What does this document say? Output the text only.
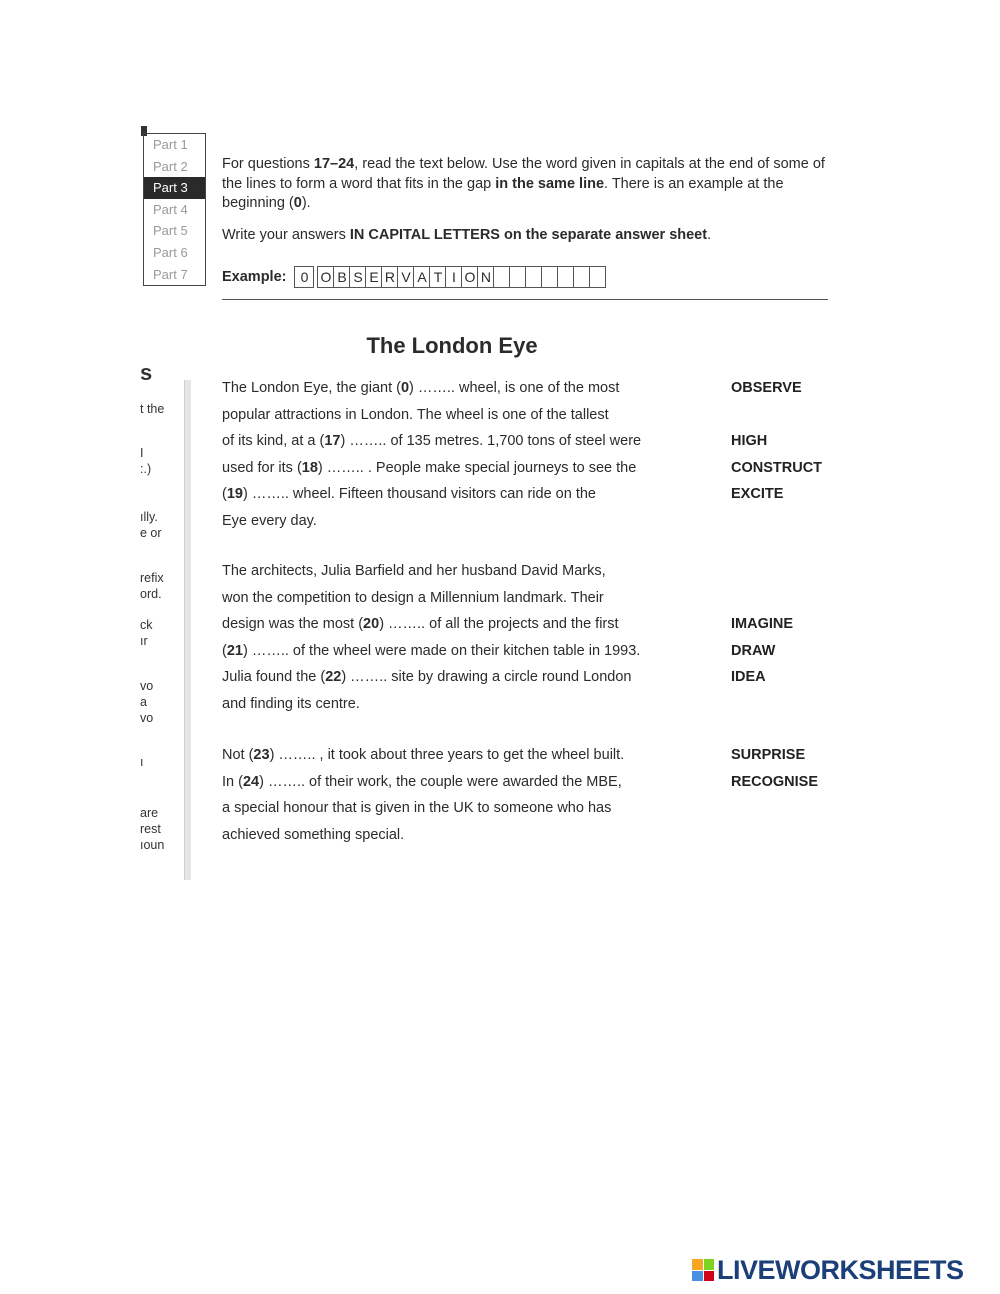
Part 1
Part 2
Part 3
Part 4
Part 5
Part 6
Part 7

For questions 17–24, read the text below. Use the word given in capitals at the end of some of the lines to form a word that fits in the gap in the same line. There is an example at the beginning (0).

Write your answers IN CAPITAL LETTERS on the separate answer sheet.

Example:	0 O B S E R V A T I O N
The London Eye
s
t the
I
:.)
ılly.
e or
refix
ord.
ck
ır
vo
a
vo
ı
are
rest
ıoun
The London Eye, the giant (0) …….. wheel, is one of the most	OBSERVE
popular attractions in London. The wheel is one of the tallest
of its kind, at a (17) …….. of 135 metres. 1,700 tons of steel were	HIGH
used for its (18) …….. . People make special journeys to see the	CONSTRUCT
(19) …….. wheel. Fifteen thousand visitors can ride on the	EXCITE
Eye every day.
The architects, Julia Barfield and her husband David Marks,
won the competition to design a Millennium landmark. Their
design was the most (20) …….. of all the projects and the first	IMAGINE
(21) …….. of the wheel were made on their kitchen table in 1993.	DRAW
Julia found the (22) …….. site by drawing a circle round London	IDEA
and finding its centre.
Not (23) …….. , it took about three years to get the wheel built.	SURPRISE
In (24) …….. of their work, the couple were awarded the MBE,	RECOGNISE
a special honour that is given in the UK to someone who has
achieved something special.
LIVEWORKSHEETS
